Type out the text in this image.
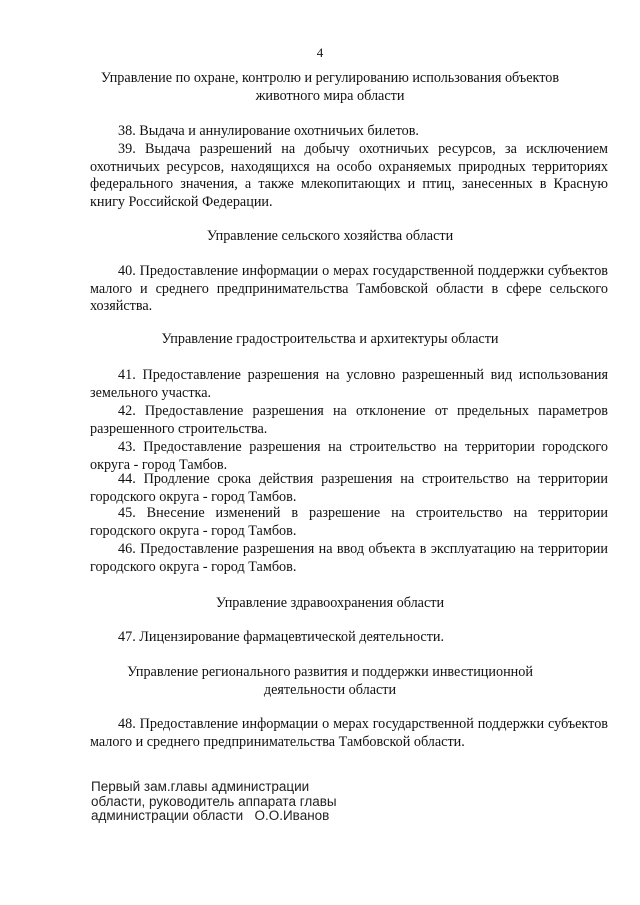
4
Управление по охране, контролю и регулированию использования объектов
животного мира области
38. Выдача и аннулирование охотничьих билетов.
39. Выдача разрешений на добычу охотничьих ресурсов, за исключением охотничьих ресурсов, находящихся на особо охраняемых природных территориях федерального значения, а также млекопитающих и птиц, занесенных в Красную книгу Российской Федерации.
Управление сельского хозяйства области
40. Предоставление информации о мерах государственной поддержки субъектов малого и среднего предпринимательства Тамбовской области в сфере сельского хозяйства.
Управление градостроительства и архитектуры области
41. Предоставление разрешения на условно разрешенный вид использования земельного участка.
42. Предоставление разрешения на отклонение от предельных параметров разрешенного строительства.
43. Предоставление разрешения на строительство на территории городского округа - город Тамбов.
44. Продление срока действия разрешения на строительство на территории городского округа - город Тамбов.
45. Внесение изменений в разрешение на строительство на территории городского округа - город Тамбов.
46. Предоставление разрешения на ввод объекта в эксплуатацию на территории городского округа - город Тамбов.
Управление здравоохранения области
47. Лицензирование фармацевтической деятельности.
Управление регионального развития и поддержки инвестиционной
деятельности области
48. Предоставление информации о мерах государственной поддержки субъектов малого и среднего предпринимательства Тамбовской области.
Первый зам.главы администрации
области, руководитель аппарата главы
администрации области   О.О.Иванов
